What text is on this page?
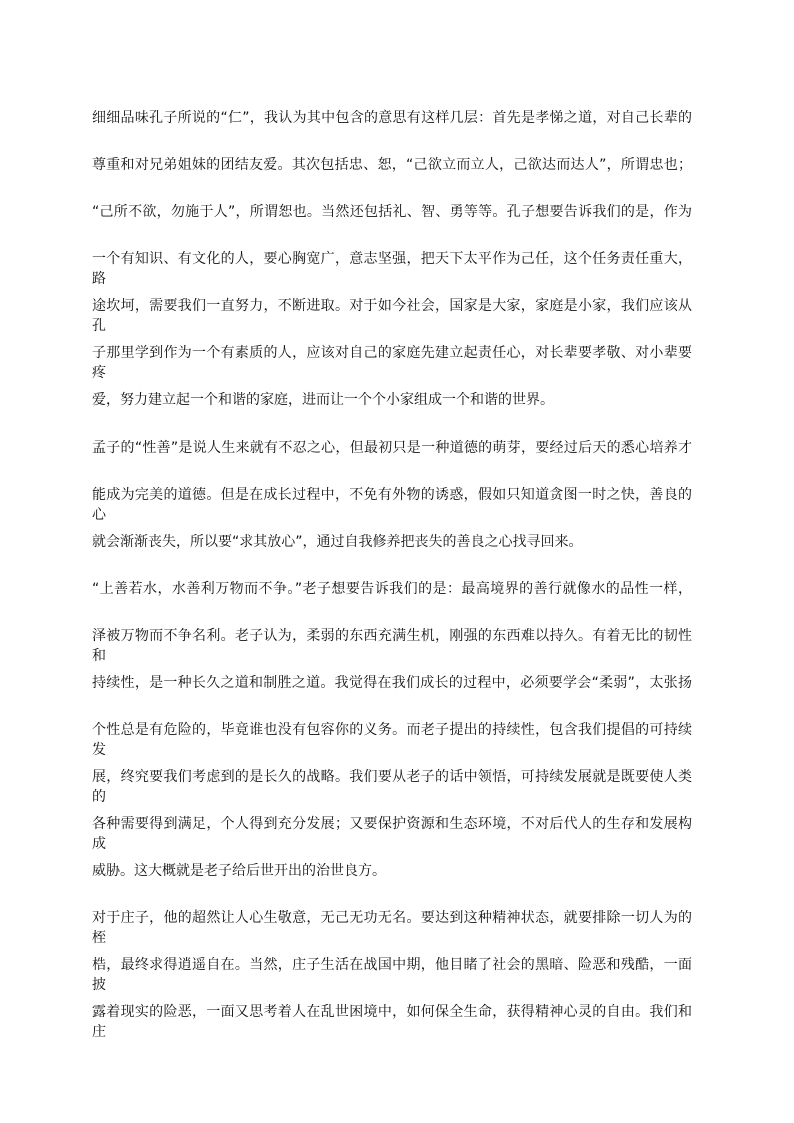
细细品味孔子所说的“仁”，我认为其中包含的意思有这样几层：首先是孝悌之道，对自己长辈的
尊重和对兄弟姐妹的团结友爱。其次包括忠、恕，“己欲立而立人，己欲达而达人”，所谓忠也；
“己所不欲，勿施于人”，所谓恕也。当然还包括礼、智、勇等等。孔子想要告诉我们的是，作为
一个有知识、有文化的人，要心胸宽广，意志坚强，把天下太平作为己任，这个任务责任重大，路
途坎坷，需要我们一直努力，不断进取。对于如今社会，国家是大家，家庭是小家，我们应该从孔
子那里学到作为一个有素质的人，应该对自己的家庭先建立起责任心，对长辈要孝敬、对小辈要疼
爱，努力建立起一个和谐的家庭，进而让一个个小家组成一个和谐的世界。
孟子的“性善”是说人生来就有不忍之心，但最初只是一种道德的萌芽，要经过后天的悉心培养才
能成为完美的道德。但是在成长过程中，不免有外物的诱惑，假如只知道贪图一时之快，善良的心
就会渐渐丧失，所以要“求其放心”，通过自我修养把丧失的善良之心找寻回来。
“上善若水，水善利万物而不争。”老子想要告诉我们的是：最高境界的善行就像水的品性一样，
泽被万物而不争名利。老子认为，柔弱的东西充满生机，刚强的东西难以持久。有着无比的韧性和
持续性，是一种长久之道和制胜之道。我觉得在我们成长的过程中，必须要学会“柔弱”，太张扬
个性总是有危险的，毕竟谁也没有包容你的义务。而老子提出的持续性，包含我们提倡的可持续发
展，终究要我们考虑到的是长久的战略。我们要从老子的话中领悟，可持续发展就是既要使人类的
各种需要得到满足，个人得到充分发展；又要保护资源和生态环境，不对后代人的生存和发展构成
威胁。这大概就是老子给后世开出的治世良方。
对于庄子，他的超然让人心生敬意，无己无功无名。要达到这种精神状态，就要排除一切人为的桎
梏，最终求得逍遥自在。当然，庄子生活在战国中期，他目睹了社会的黑暗、险恶和残酷，一面披
露着现实的险恶，一面又思考着人在乱世困境中，如何保全生命，获得精神心灵的自由。我们和庄
